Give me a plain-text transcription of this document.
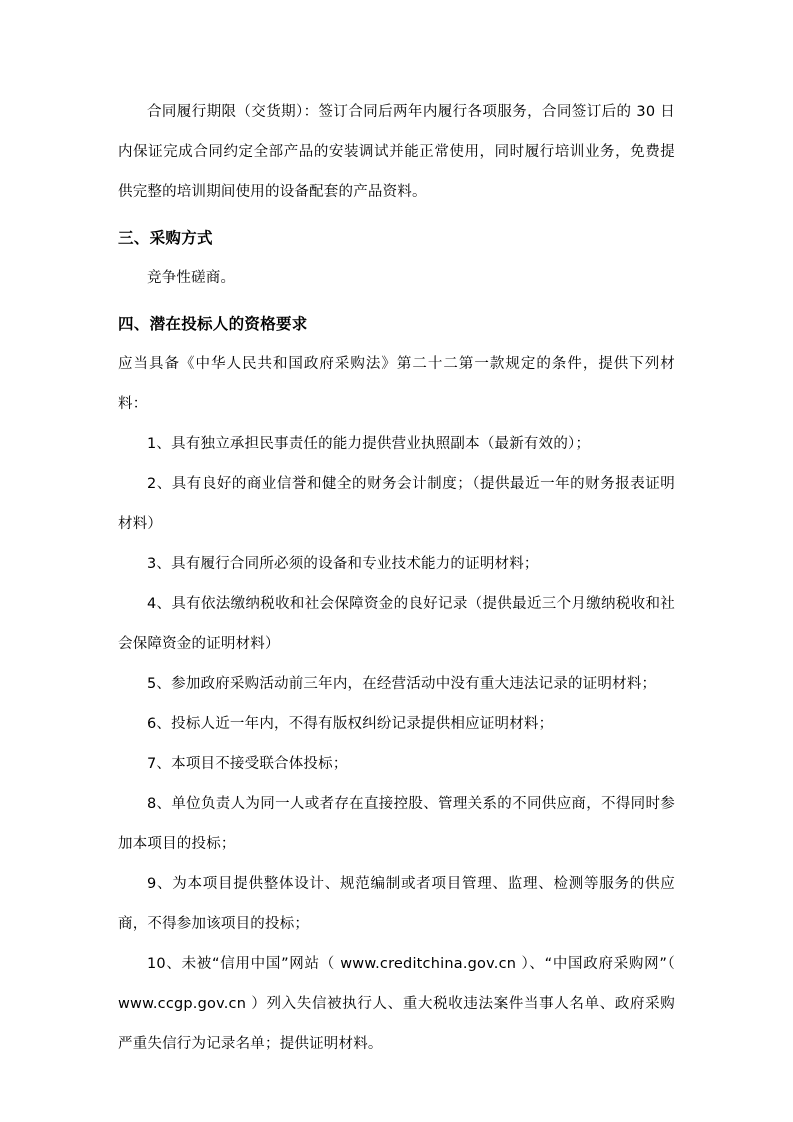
合同履行期限（交货期）：签订合同后两年内履行各项服务，合同签订后的 30 日内保证完成合同约定全部产品的安装调试并能正常使用，同时履行培训业务，免费提供完整的培训期间使用的设备配套的产品资料。

三、采购方式

竞争性磋商。

四、潜在投标人的资格要求

应当具备《中华人民共和国政府采购法》第二十二第一款规定的条件，提供下列材料：

1、具有独立承担民事责任的能力提供营业执照副本（最新有效的）；

2、具有良好的商业信誉和健全的财务会计制度；（提供最近一年的财务报表证明材料）

3、具有履行合同所必须的设备和专业技术能力的证明材料；

4、具有依法缴纳税收和社会保障资金的良好记录（提供最近三个月缴纳税收和社会保障资金的证明材料）

5、参加政府采购活动前三年内，在经营活动中没有重大违法记录的证明材料；

6、投标人近一年内，不得有版权纠纷记录提供相应证明材料；

7、本项目不接受联合体投标；

8、单位负责人为同一人或者存在直接控股、管理关系的不同供应商，不得同时参加本项目的投标；

9、为本项目提供整体设计、规范编制或者项目管理、监理、检测等服务的供应商，不得参加该项目的投标；

10、未被“信用中国”网站（ www.creditchina.gov.cn ）、“中国政府采购网”（ www.ccgp.gov.cn ）列入失信被执行人、重大税收违法案件当事人名单、政府采购严重失信行为记录名单；提供证明材料。
